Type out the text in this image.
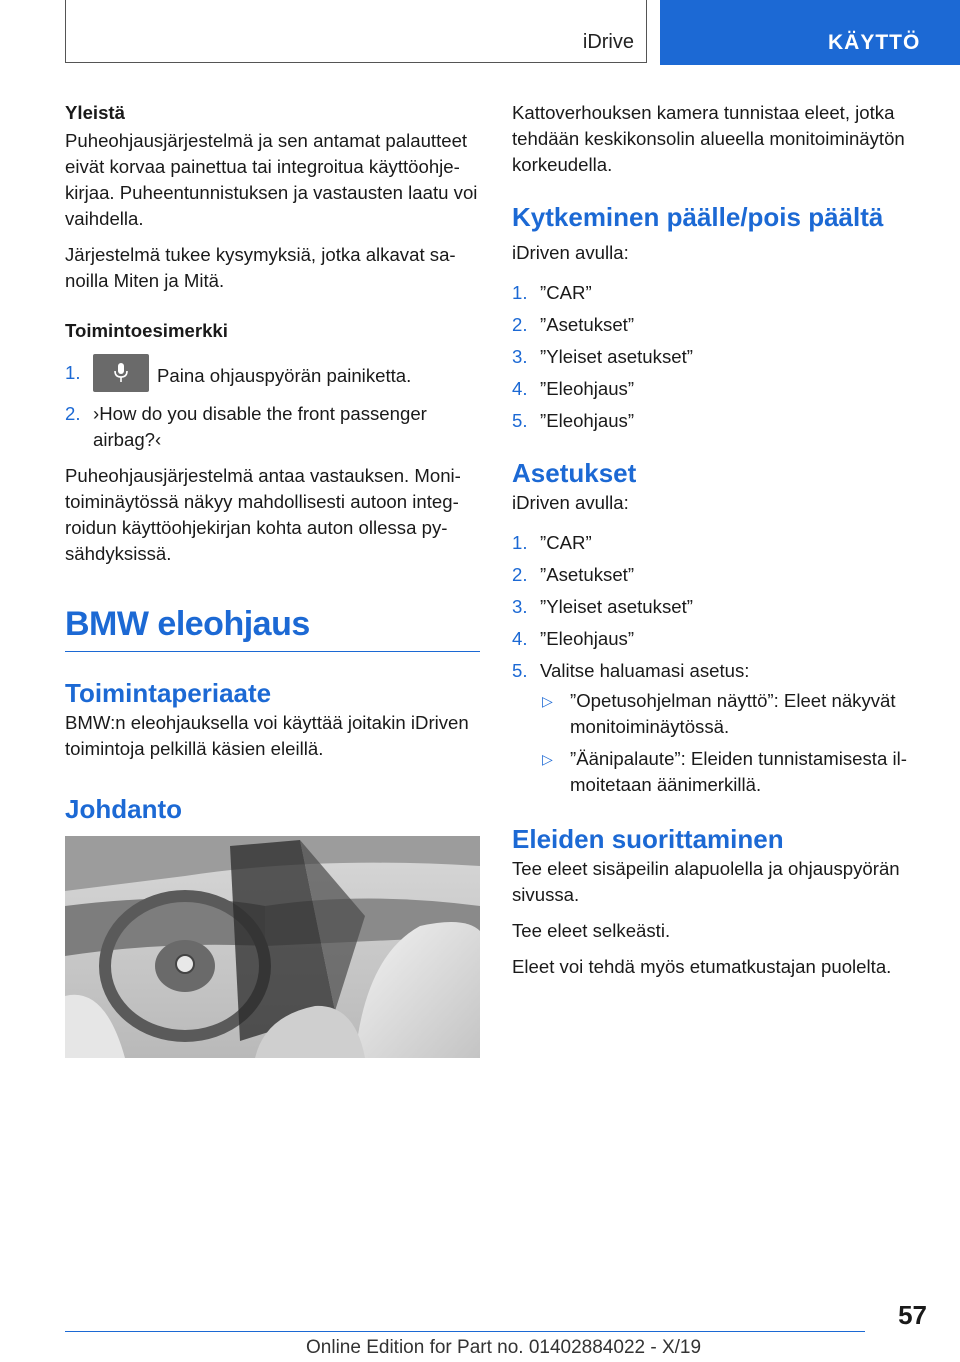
iDrive	KÄYTTÖ
Yleistä

Puheohjausjärjestelmä ja sen antamat palautteet eivät korvaa painettua tai integroitua käyttöohje-kirjaa. Puheentunnistuksen ja vastausten laatu voi vaihdella.

Järjestelmä tukee kysymyksiä, jotka alkavat sa-noilla Miten ja Mitä.

Toimintoesimerkki
1.	Paina ohjauspyörän painiketta.
2. ›How do you disable the front passenger airbag?‹

Puheohjausjärjestelmä antaa vastauksen. Moni-toiminäytössä näkyy mahdollisesti autoon integ-roidun käyttöohjekirjan kohta auton ollessa py-sähdyksissä.

BMW eleohjaus
Toimintaperiaate

BMW:n eleohjauksella voi käyttää joitakin iDriven toimintoja pelkillä käsien eleillä.

Johdanto

Kattoverhouksen kamera tunnistaa eleet, jotka tehdään keskikonsolin alueella monitoiminäytön korkeudella.

Kytkeminen päälle/pois päältä

iDriven avulla:

1. ”CAR”
2. ”Asetukset”
3. ”Yleiset asetukset”
4. ”Eleohjaus”
5. ”Eleohjaus”
Asetukset

iDriven avulla:

1. ”CAR”
2. ”Asetukset”
3. ”Yleiset asetukset”
4. ”Eleohjaus”
5. Valitse haluamasi asetus:
▷ ”Opetusohjelman näyttö”: Eleet näkyvät monitoiminäytössä.
▷ ”Äänipalaute”: Eleiden tunnistamisesta il-moitetaan äänimerkillä.
Eleiden suorittaminen

Tee eleet sisäpeilin alapuolella ja ohjauspyörän sivussa.

Tee eleet selkeästi.

Eleet voi tehdä myös etumatkustajan puolelta.

57
Online Edition for Part no. 01402884022 - X/19
